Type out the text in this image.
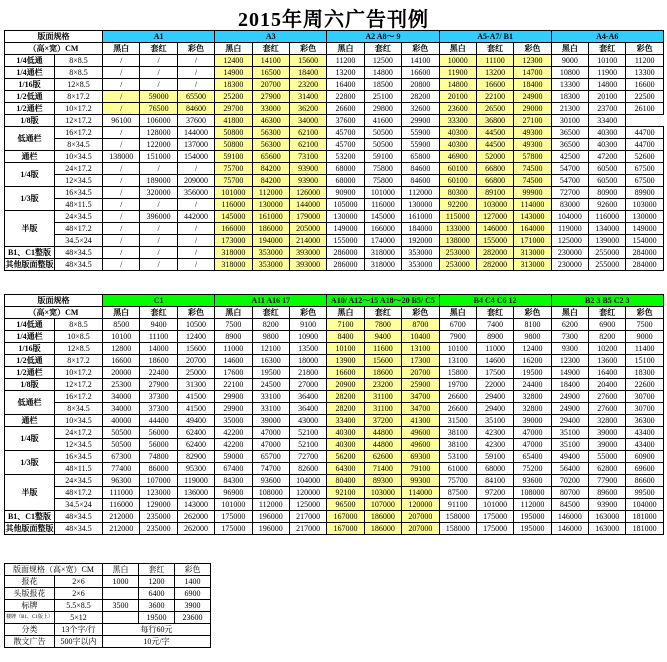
2015年周六广告刊例
版面规格		A1			A3			A2 A8～ 9			A5-A7/ B1			A4-A6		
（高×宽）CM		黑白	套红	彩色	黑白	套红	彩色	黑白	套红	彩色	黑白	套红	彩色	黑白	套红	彩色
1/4低通	8×8.5	/	/	/	12400	14100	15600	11200	12500	14100	10000	11100	12300	9000	10100	11200
1/4通栏	8×8.5	/	/	/	14900	16500	18400	13200	14800	16600	11900	13200	14700	10800	11900	13300
1/16版	12×8.5	/	/	/	18300	20700	23200	16400	18500	20800	14800	16600	18400	13300	14800	16600
1/2低通	8×17.2	/	59000	65500	25200	27900	31400	22800	25100	28200	20100	22100	24900	18300	20100	22500
1/2通栏	10×17.2	/	76500	84600	29700	33000	36200	26600	29800	32600	23600	26500	29000	21300	23700	26100
1/8版	12×17.2	96100	106000	37600	41800	46300	34000	37600	41600	29900	33300	36800	27100	30100	33400	
低通栏	16×17.2	/	128000	144000	50800	56300	62100	45700	50500	55900	40300	44500	49300	36500	40300	44700
	8×34.5	/	122000	137000	50800	56300	62100	45700	50500	55900	40300	44500	49300	36500	40300	44700
通栏	10×34.5	138000	151000	154000	59100	65600	73100	53200	59100	65800	46900	52000	57800	42500	47200	52600
1/4版	24×17.2	/	/	/	75700	84200	93900	68000	75800	84600	60100	66800	74500	54700	60500	67500
	12×34.5	/	189000	209000	75700	84200	93900	68000	75800	84600	60100	66800	74500	54700	60500	67500
1/3版	16×34.5	/	320000	356000	101000	112000	126000	90900	101000	112000	80300	89100	99900	72700	80900	89900
	48×11.5	/	/	/	116000	130000	144000	105000	116000	130000	92200	103000	114000	83000	92600	103000
半版	24×34.5	/	396000	442000	145000	161000	179000	130000	145000	161000	115000	127000	143000	104000	116000	130000
	48×17.2	/	/	/	166000	186000	205000	149000	166000	184000	133000	146000	164000	119000	134000	149000
	34.5×24	/	/	/	173000	194000	214000	155000	174000	192000	138000	155000	171000	125000	139000	154000
B1、C1整版	48×34.5	/	/	/	318000	353000	393000	286000	318000	353000	253000	282000	313000	230000	255000	284000
其他版面整版	48×34.5	/	/	/	318000	353000	393000	286000	318000	353000	253000	282000	313000	230000	255000	284000
版面规格		C1			A11 A16 17			A10/ A12～15 A18～20 B5/ C5			B4 C4 C6 12			B2 3 B5 C2 3		
（高×宽）CM		黑白	套红	彩色	黑白	套红	彩色	黑白	套红	彩色	黑白	套红	彩色	黑白	套红	彩色
1/4低通	8×8.5	8500	9400	10500	7500	8200	9100	7100	7800	8700	6700	7400	8100	6200	6900	7500
1/4通栏	10×8.5	10100	11100	12400	8900	9800	10900	8400	9400	10400	7900	8900	9800	7300	8200	9000
1/16版	12×8.5	12800	14000	15600	11000	12100	13500	10100	11600	13100	10100	11000	12400	9300	10200	11400
1/2低通	8×17.2	16600	18600	20700	14600	16300	18000	13900	15600	17300	13100	14600	16200	12300	13600	15100
1/2通栏	10×17.2	20000	22400	25000	17600	19500	21800	16600	18600	20700	15800	17500	19500	14900	16400	18300
1/8版	12×17.2	25300	27900	31300	22100	24500	27000	20900	23200	25900	19700	22000	24400	18400	20400	22600
低通栏	16×17.2	34000	37300	41500	29900	33100	36400	28200	31100	34700	26600	29400	32800	24900	27600	30700
	8×34.5	34000	37300	41500	29900	33100	36400	28200	31100	34700	26600	29400	32800	24900	27600	30700
通栏	10×34.5	40000	44400	49400	35000	39000	43000	33400	37200	41300	31500	35100	39000	29400	32800	36300
1/4版	24×17.2	50500	56000	62400	42200	47000	52100	40300	44800	49600	38100	42300	47000	35100	39000	43400
	12×34.5	50500	56000	62400	42200	47000	52100	40300	44800	49600	38100	42300	47000	35100	39000	43400
1/3版	16×34.5	67300	74800	82900	59000	65700	72700	56200	62600	69300	53100	59100	65400	49400	55000	60900
	48×11.5	77400	86000	95300	67400	74700	82600	64300	71400	79100	61000	68000	75200	56400	62800	69600
半版	24×34.5	96300	107000	119000	84300	93600	104000	80400	89300	99300	75700	84100	93600	70200	77900	86600
	48×17.2	111000	123000	136000	96900	108000	120000	92100	103000	114000	87500	97200	108000	80700	89600	99500
	34.5×24	116000	129000	143000	101000	112000	125000	96500	107000	120000	91100	101000	112000	84500	93900	104000
B1、C1整版	48×34.5	212000	235000	262000	175000	196000	217000	167000	186000	207000	158000	175000	195000	146000	163000	181000
其他版面整版	48×34.5	212000	235000	262000	175000	196000	217000	167000	186000	207000	158000	175000	195000	146000	163000	181000
版面规格（高×宽）CM		黑白	套红	彩色
报花	2×6	1000	1200	1400
头版报花	2×6		6400	6900
标牌	5.5×8.5	3500	3600	3900
楼牌（B1、C1版上）	5×12		19500	23600
分类	13个字/行	每行60元		
散文广告	500字以内	10元/字		
